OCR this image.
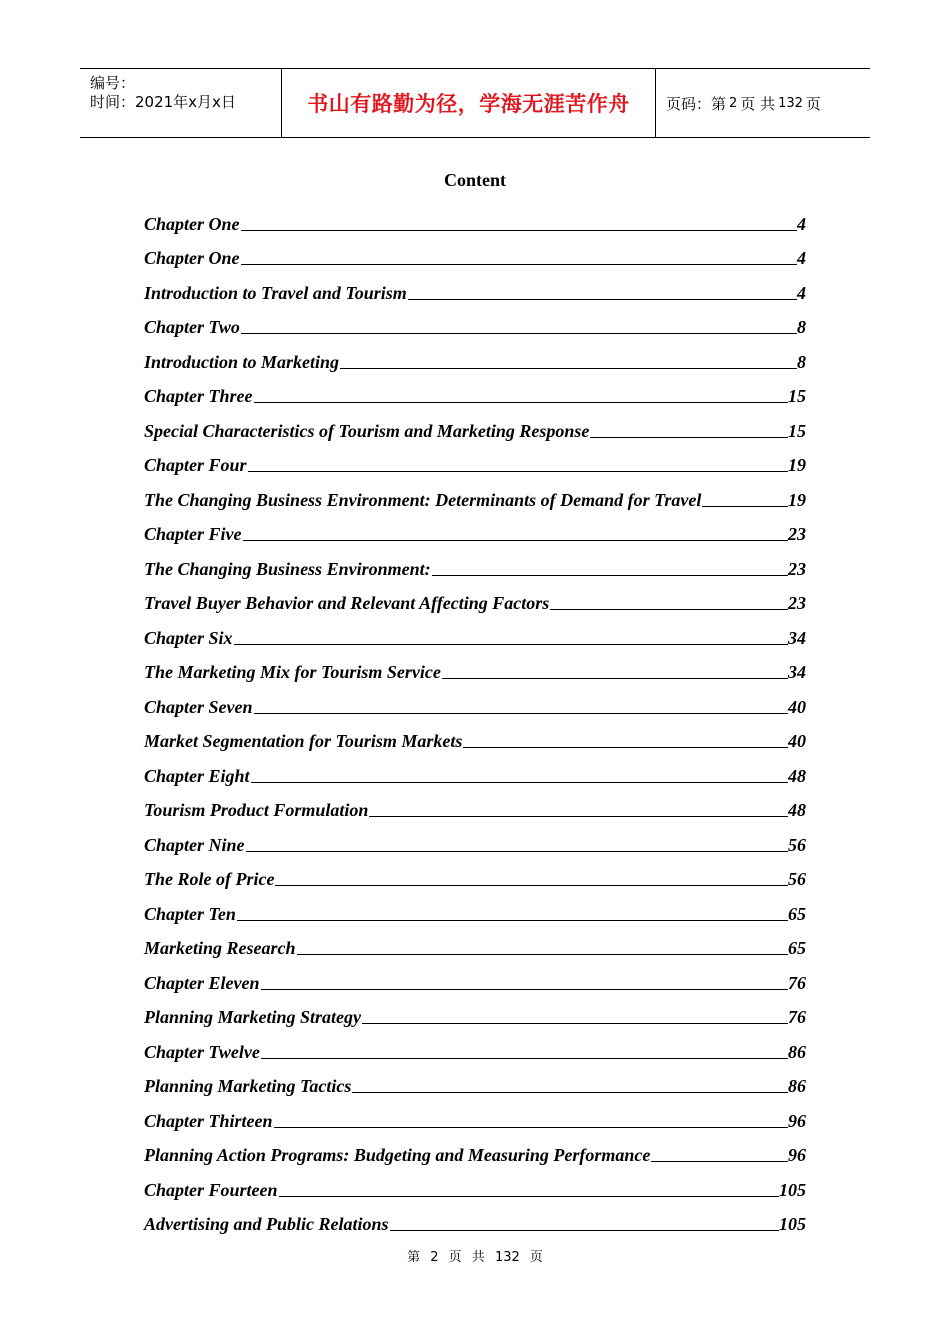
编号：
时间：2021年x月x日	书山有路勤为径，学海无涯苦作舟 页码：第 2 页 共 132 页
Content
Chapter One	4
Chapter One	4
Introduction to Travel and Tourism	4
Chapter Two	8
Introduction to Marketing	8
Chapter Three	15
Special Characteristics of Tourism and Marketing Response	15
Chapter Four	19
The Changing Business Environment: Determinants of Demand for Travel	19
Chapter Five	23
The Changing Business Environment:	23
Travel Buyer Behavior and Relevant Affecting Factors	23
Chapter Six	34
The Marketing Mix for Tourism Service	34
Chapter Seven	40
Market Segmentation for Tourism Markets	40
Chapter Eight	48
Tourism Product Formulation	48
Chapter Nine	56
The Role of Price	56
Chapter Ten	65
Marketing Research	65
Chapter Eleven	76
Planning Marketing Strategy	76
Chapter Twelve	86
Planning Marketing Tactics	86
Chapter Thirteen	96
Planning Action Programs: Budgeting and Measuring Performance	96
Chapter Fourteen	105
Advertising and Public Relations	105
第 2 页 共 132 页
